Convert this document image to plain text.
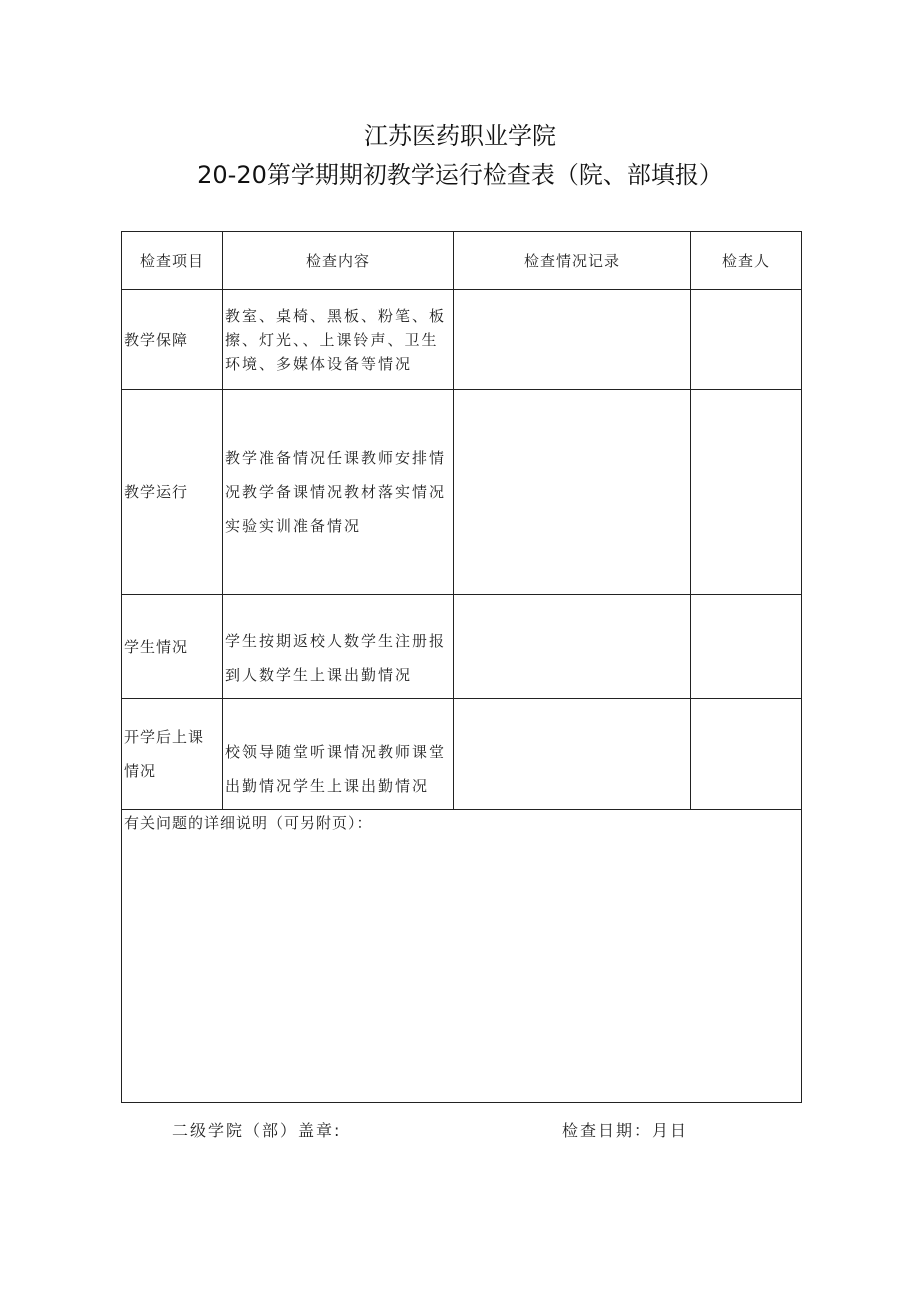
江苏医药职业学院
20-20第学期期初教学运行检查表（院、部填报）
检查项目	检查内容	检查情况记录	检查人
教学保障	教室、桌椅、黑板、粉笔、板擦、灯光、、上课铃声、卫生环境、多媒体设备等情况		
教学运行	教学准备情况任课教师安排情况教学备课情况教材落实情况实验实训准备情况		
学生情况	学生按期返校人数学生注册报到人数学生上课出勤情况		
开学后上课情况	校领导随堂听课情况教师课堂出勤情况学生上课出勤情况		
有关问题的详细说明（可另附页）：			
二级学院（部）盖章:	检查日期：月日
